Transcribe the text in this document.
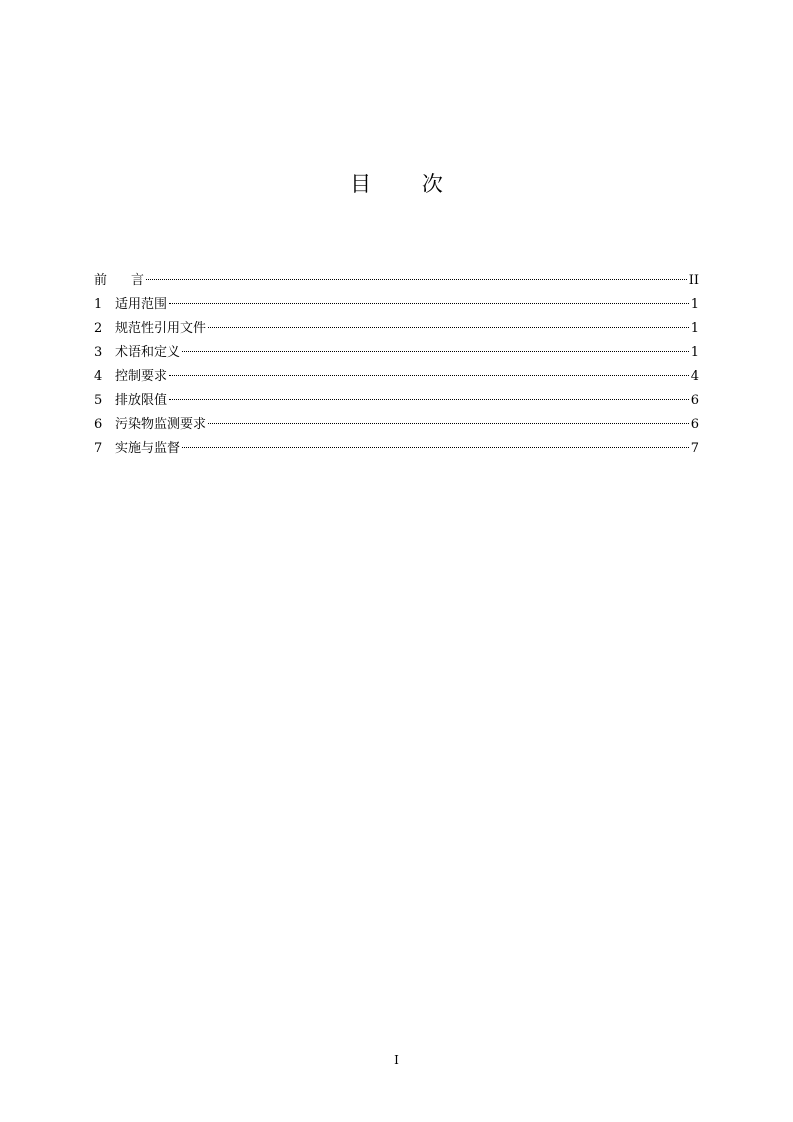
目 次
前言	II
1 适用范围	1
2 规范性引用文件	1
3 术语和定义	1
4 控制要求	4
5 排放限值	6
6 污染物监测要求	6
7 实施与监督	7
I
